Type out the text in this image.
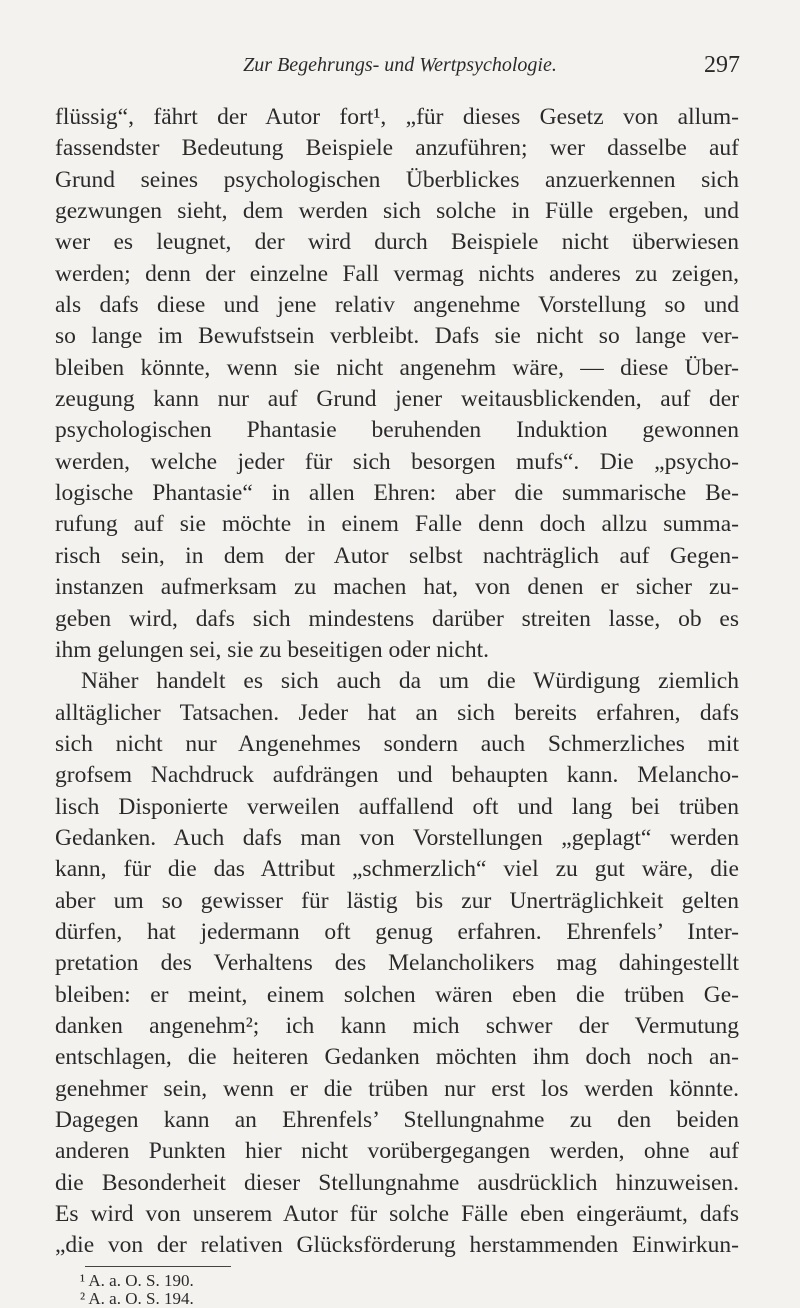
Zur Begehrungs- und Wertpsychologie.	297
flüssig“, fährt der Autor fort¹, „für dieses Gesetz von allum-
fassendster Bedeutung Beispiele anzuführen; wer dasselbe auf
Grund seines psychologischen Überblickes anzuerkennen sich
gezwungen sieht, dem werden sich solche in Fülle ergeben, und
wer es leugnet, der wird durch Beispiele nicht überwiesen
werden; denn der einzelne Fall vermag nichts anderes zu zeigen,
als dafs diese und jene relativ angenehme Vorstellung so und
so lange im Bewufstsein verbleibt. Dafs sie nicht so lange ver-
bleiben könnte, wenn sie nicht angenehm wäre, — diese Über-
zeugung kann nur auf Grund jener weitausblickenden, auf der
psychologischen Phantasie beruhenden Induktion gewonnen
werden, welche jeder für sich besorgen mufs“. Die „psycho-
logische Phantasie“ in allen Ehren: aber die summarische Be-
rufung auf sie möchte in einem Falle denn doch allzu summa-
risch sein, in dem der Autor selbst nachträglich auf Gegen-
instanzen aufmerksam zu machen hat, von denen er sicher zu-
geben wird, dafs sich mindestens darüber streiten lasse, ob es
ihm gelungen sei, sie zu beseitigen oder nicht.
Näher handelt es sich auch da um die Würdigung ziemlich
alltäglicher Tatsachen. Jeder hat an sich bereits erfahren, dafs
sich nicht nur Angenehmes sondern auch Schmerzliches mit
grofsem Nachdruck aufdrängen und behaupten kann. Melancho-
lisch Disponierte verweilen auffallend oft und lang bei trüben
Gedanken. Auch dafs man von Vorstellungen „geplagt“ werden
kann, für die das Attribut „schmerzlich“ viel zu gut wäre, die
aber um so gewisser für lästig bis zur Unerträglichkeit gelten
dürfen, hat jedermann oft genug erfahren. Ehrenfels’ Inter-
pretation des Verhaltens des Melancholikers mag dahingestellt
bleiben: er meint, einem solchen wären eben die trüben Ge-
danken angenehm²; ich kann mich schwer der Vermutung
entschlagen, die heiteren Gedanken möchten ihm doch noch an-
genehmer sein, wenn er die trüben nur erst los werden könnte.
Dagegen kann an Ehrenfels’ Stellungnahme zu den beiden
anderen Punkten hier nicht vorübergegangen werden, ohne auf
die Besonderheit dieser Stellungnahme ausdrücklich hinzuweisen.
Es wird von unserem Autor für solche Fälle eben eingeräumt, dafs
„die von der relativen Glücksförderung herstammenden Einwirkun-
¹ A. a. O. S. 190.
² A. a. O. S. 194.
